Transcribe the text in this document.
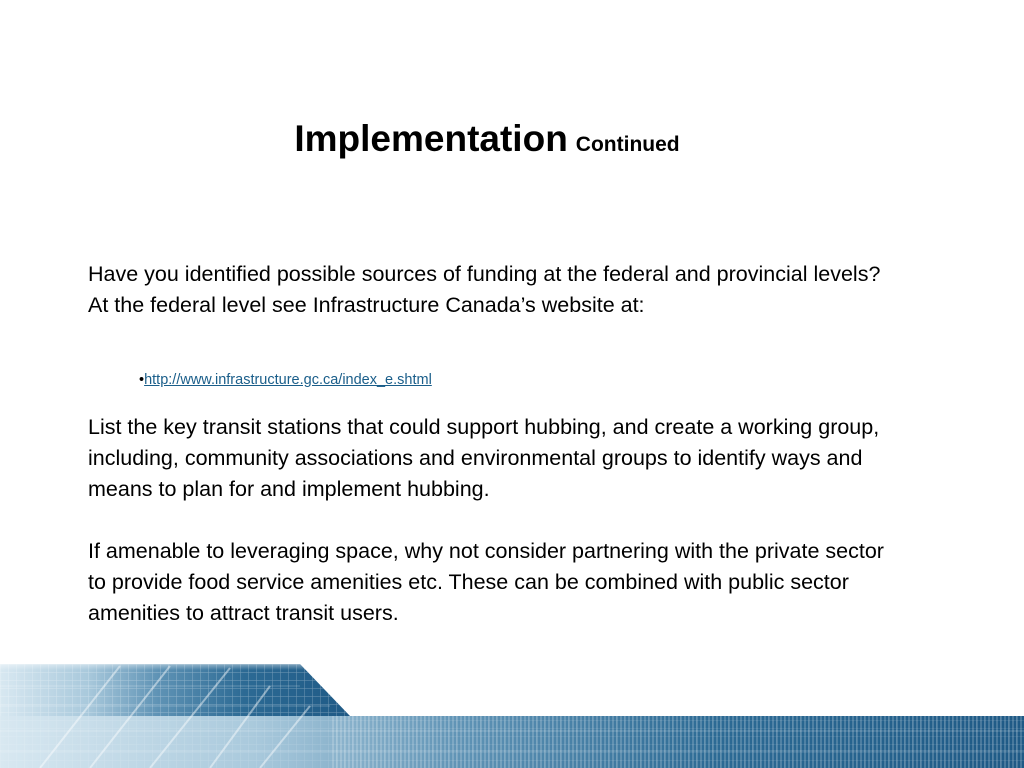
Implementation Continued
Have you identified possible sources of funding at the federal and provincial levels? At the federal level see Infrastructure Canada’s website at:
•http://www.infrastructure.gc.ca/index_e.shtml
List the key transit stations that could support hubbing, and create a working group, including, community associations and environmental groups to identify ways and means to plan for and implement hubbing.
If amenable to leveraging space, why not consider partnering with the private sector to provide food service amenities etc. These can be combined with public sector amenities to attract transit users.
